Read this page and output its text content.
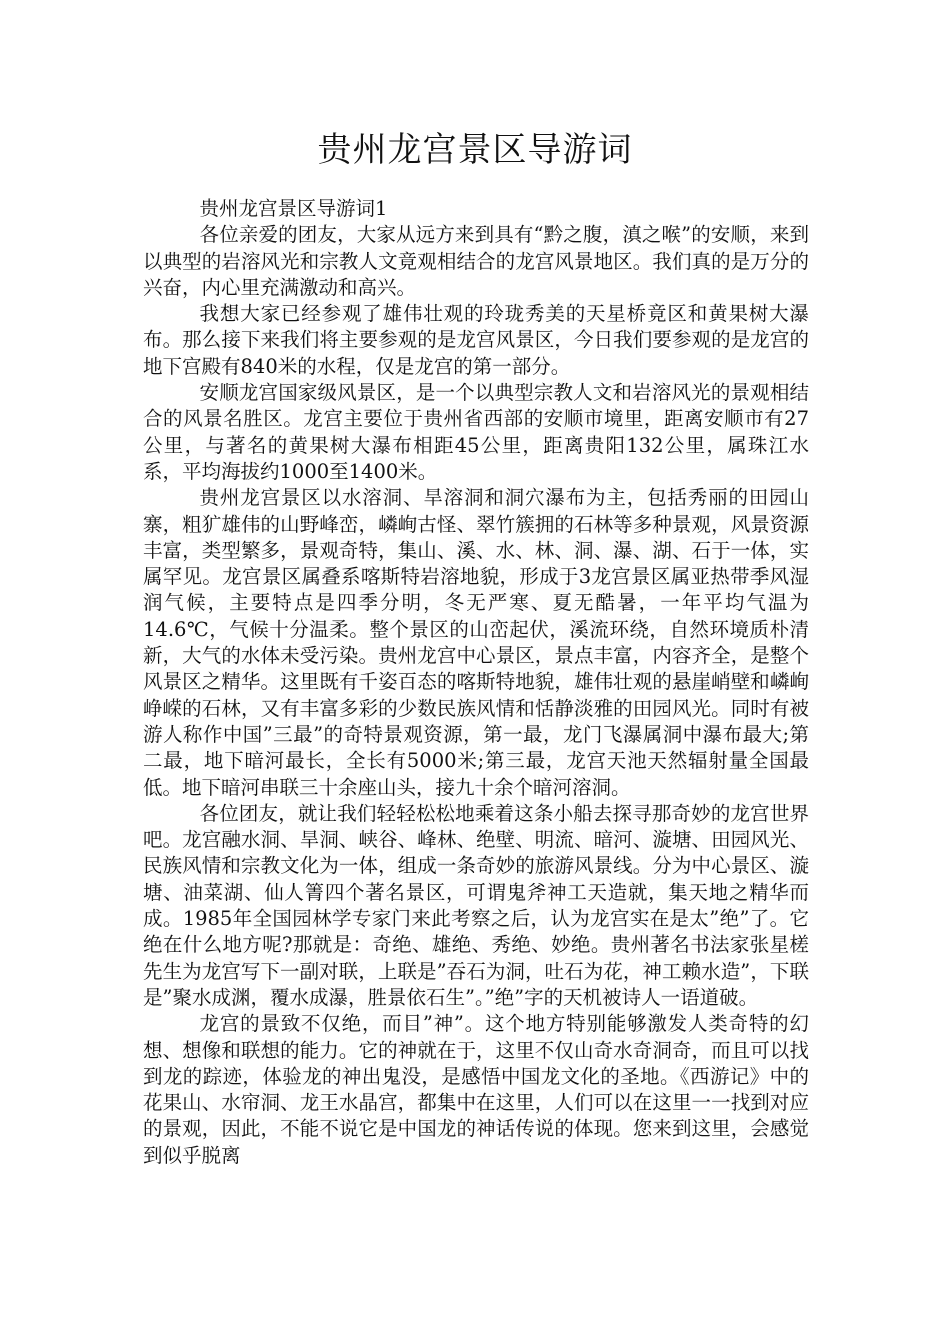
贵州龙宫景区导游词

贵州龙宫景区导游词1

各位亲爱的团友，大家从远方来到具有“黔之腹，滇之喉”的安顺，来到以典型的岩溶风光和宗教人文竟观相结合的龙宫风景地区。我们真的是万分的兴奋，内心里充满激动和高兴。

我想大家已经参观了雄伟壮观的玲珑秀美的天星桥竟区和黄果树大瀑布。那么接下来我们将主要参观的是龙宫风景区，今日我们要参观的是龙宫的地下宫殿有840米的水程，仅是龙宫的第一部分。

安顺龙宫国家级风景区，是一个以典型宗教人文和岩溶风光的景观相结合的风景名胜区。龙宫主要位于贵州省西部的安顺市境里，距离安顺市有27公里，与著名的黄果树大瀑布相距45公里，距离贵阳132公里，属珠江水系，平均海拔约1000至1400米。

贵州龙宫景区以水溶洞、旱溶洞和洞穴瀑布为主，包括秀丽的田园山寨，粗犷雄伟的山野峰峦，嶙峋古怪、翠竹簇拥的石林等多种景观，风景资源丰富，类型繁多，景观奇特，集山、溪、水、林、洞、瀑、湖、石于一体，实属罕见。龙宫景区属叠系喀斯特岩溶地貌，形成于3龙宫景区属亚热带季风湿润气候，主要特点是四季分明，冬无严寒、夏无酷暑，一年平均气温为14.6℃，气候十分温柔。整个景区的山峦起伏，溪流环绕，自然环境质朴清新，大气的水体未受污染。贵州龙宫中心景区，景点丰富，内容齐全，是整个风景区之精华。这里既有千姿百态的喀斯特地貌，雄伟壮观的悬崖峭壁和嶙峋峥嵘的石林，又有丰富多彩的少数民族风情和恬静淡雅的田园风光。同时有被游人称作中国”三最”的奇特景观资源，第一最，龙门飞瀑属洞中瀑布最大;第二最，地下暗河最长，全长有5000米;第三最，龙宫天池天然辐射量全国最低。地下暗河串联三十余座山头，接九十余个暗河溶洞。

各位团友，就让我们轻轻松松地乘着这条小船去探寻那奇妙的龙宫世界吧。龙宫融水洞、旱洞、峡谷、峰林、绝壁、明流、暗河、漩塘、田园风光、民族风情和宗教文化为一体，组成一条奇妙的旅游风景线。分为中心景区、漩塘、油菜湖、仙人箐四个著名景区，可谓鬼斧神工天造就，集天地之精华而成。1985年全国园林学专家门来此考察之后，认为龙宫实在是太”绝”了。它绝在什么地方呢?那就是：奇绝、雄绝、秀绝、妙绝。贵州著名书法家张星槎先生为龙宫写下一副对联，上联是”吞石为洞，吐石为花，神工赖水造”，下联是”聚水成渊，覆水成瀑，胜景依石生”。”绝”字的天机被诗人一语道破。

龙宫的景致不仅绝，而目”神”。这个地方特别能够激发人类奇特的幻想、想像和联想的能力。它的神就在于，这里不仅山奇水奇洞奇，而且可以找到龙的踪迹，体验龙的神出鬼没，是感悟中国龙文化的圣地。《西游记》中的花果山、水帘洞、龙王水晶宫，都集中在这里，人们可以在这里一一找到对应的景观，因此，不能不说它是中国龙的神话传说的体现。您来到这里，会感觉到似乎脱离
